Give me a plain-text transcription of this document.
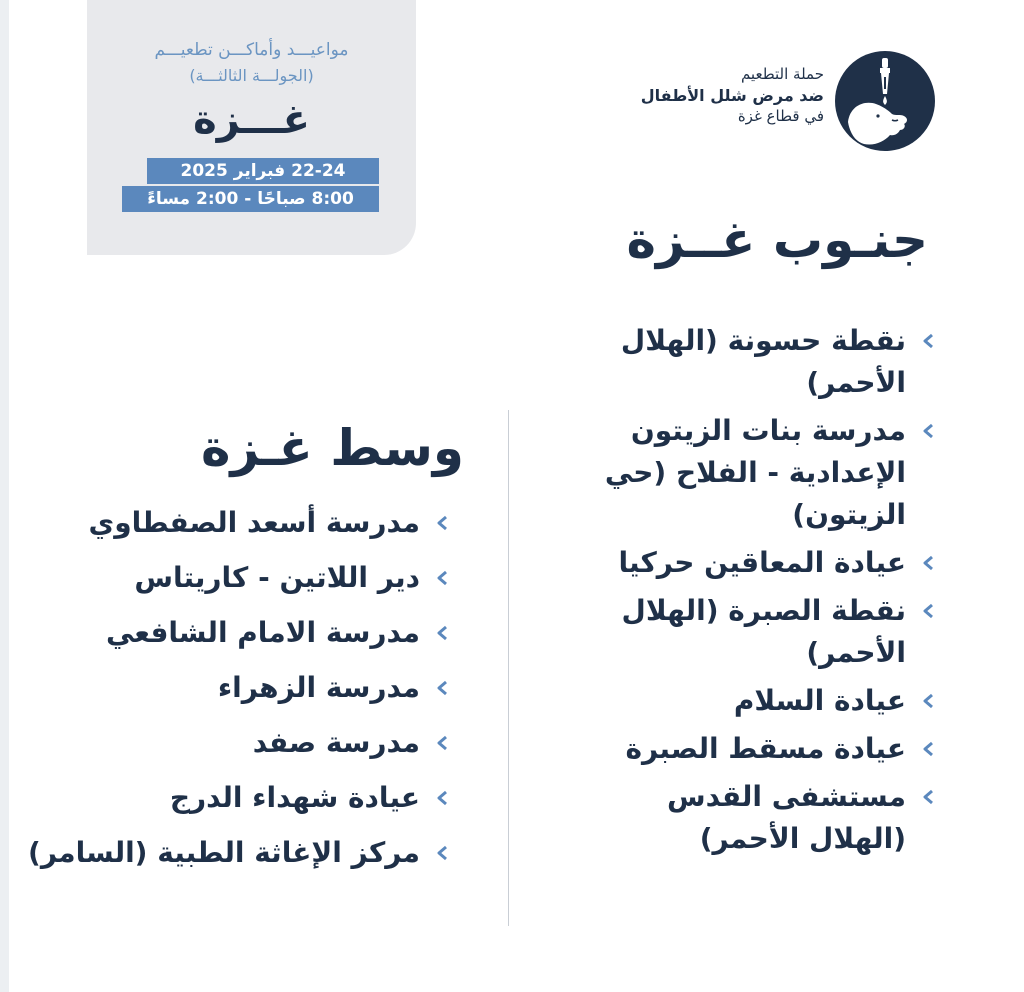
مواعيـــد وأماكـــن تطعيـــم
(الجولـــة الثالثـــة)
غـــزة
22-24 فبراير 2025
8:00 صباحًا - 2:00 مساءً
حملة التطعيم
ضد مرض شلل الأطفال
في قطاع غزة
جنـوب غــزة
نقطة حسونة (الهلال الأحمر)
مدرسة بنات الزيتون الإعدادية - الفلاح (حي الزيتون)
عيادة المعاقين حركيا
نقطة الصبرة (الهلال الأحمر)
عيادة السلام
عيادة مسقط الصبرة
مستشفى القدس (الهلال الأحمر)
وسط غـزة
مدرسة أسعد الصفطاوي
دير اللاتين - كاريتاس
مدرسة الامام الشافعي
مدرسة الزهراء
مدرسة صفد
عيادة شهداء الدرج
مركز الإغاثة الطبية (السامر)
